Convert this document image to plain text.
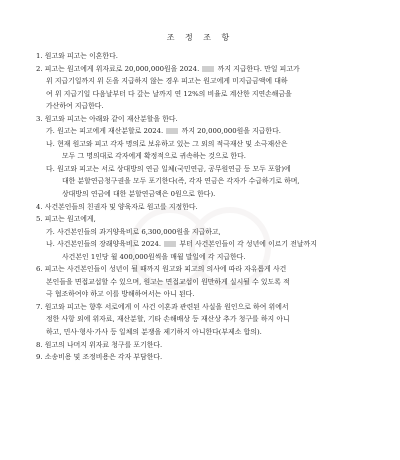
조 정 조 항
1. 원고와 피고는 이혼한다.
2. 피고는 원고에게 위자료로 20,000,000원을 2024.	까지 지급한다. 만일 피고가
위 지급기일까지 위 돈을 지급하지 않는 경우 피고는 원고에게 미지급금액에 대하
여 위 지급기일 다음날부터 다 갚는 날까지 연 12%의 비율로 계산한 지연손해금을
가산하여 지급한다.
3. 원고와 피고는 아래와 같이 재산분할을 한다.
가. 원고는 피고에게 재산분할로 2024.	까지 20,000,000원을 지급한다.
나. 현재 원고와 피고 각자 명의로 보유하고 있는 그 외의 적극재산 및 소극재산은
모두 그 명의대로 각자에게 확정적으로 귀속하는 것으로 한다.
다. 원고와 피고는 서로 상대방의 연금 일체(국민연금, 공무원연금 등 모두 포함)에
대한 분할연금청구권을 모두 포기한다(즉, 각자 연금은 각자가 수급하기로 하며,
상대방의 연금에 대한 분할연금액은 0원으로 한다).
4. 사건본인들의 친권자 및 양육자로 원고를 지정한다.
5. 피고는 원고에게,
가. 사건본인들의 과거양육비로 6,300,000원을 지급하고,
나. 사건본인들의 장래양육비로 2024.	부터 사건본인들이 각 성년에 이르기 전날까지
사건본인 1인당 월 400,000원씩을 매월 말일에 각 지급한다.
6. 피고는 사건본인들이 성년이 될 때까지 원고와 피고의 의사에 따라 자유롭게 사건
본인들을 면접교섭할 수 있으며, 원고는 면접교섭이 원만하게 실시될 수 있도록 적
극 협조하여야 하고 이를 방해하여서는 아니 된다.
7. 원고와 피고는 향후 서로에게 이 사건 이혼과 관련된 사실을 원인으로 하여 위에서
정한 사항 외에 위자료, 재산분할, 기타 손해배상 등 재산상 추가 청구를 하지 아니
하고, 민사·형사·가사 등 일체의 분쟁을 제기하지 아니한다(부제소 합의).
8. 원고의 나머지 위자료 청구를 포기한다.
9. 소송비용 및 조정비용은 각자 부담한다.
